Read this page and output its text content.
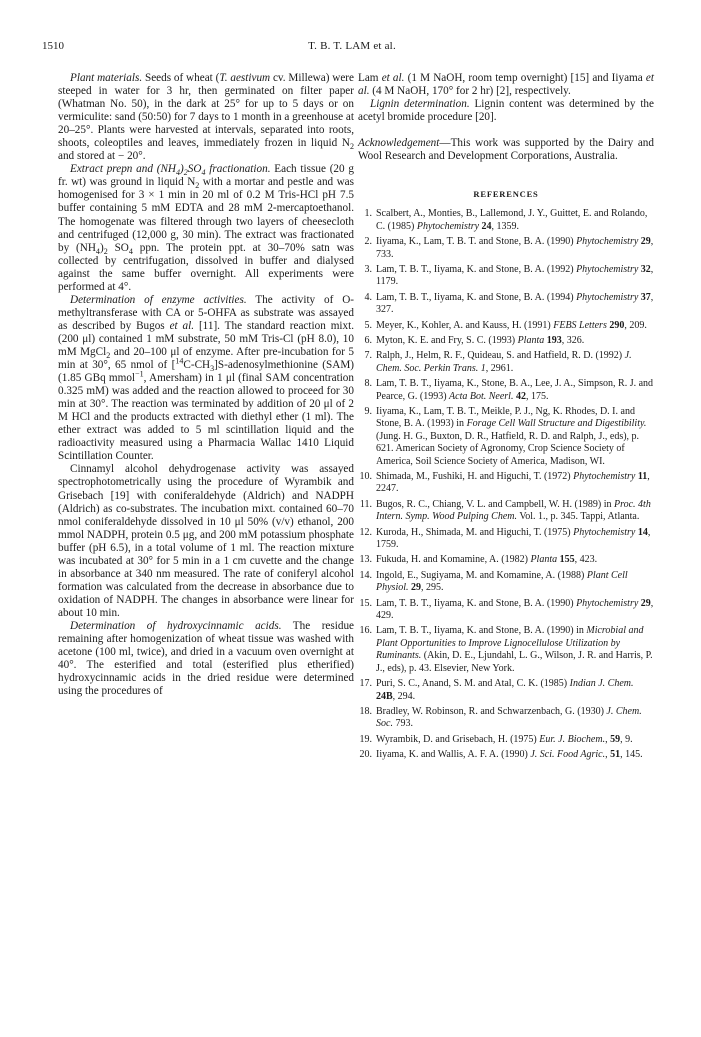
1510	T. B. T. LAM et al.

Plant materials. Seeds of wheat (T. aestivum cv. Millewa) were steeped in water for 3 hr, then germinated on filter paper (Whatman No. 50), in the dark at 25° for up to 5 days or on vermiculite: sand (50:50) for 7 days to 1 month in a greenhouse at 20–25°. Plants were harvested at intervals, separated into roots, shoots, coleoptiles and leaves, immediately frozen in liquid $N_2$ and stored at − 20°.

Extract prepn and $(NH_4)_2SO_4$ fractionation. Each tissue (20 g fr. wt) was ground in liquid $N_2$ with a mortar and pestle and was homogenised for 3 × 1 min in 20 ml of 0.2 M Tris-HCl pH 7.5 buffer containing 5 mM EDTA and 28 mM 2-mercaptoethanol. The homogenate was filtered through two layers of cheesecloth and centrifuged (12,000 g, 30 min). The extract was fractionated by $(NH_4)_2$ $SO_4$ ppn. The protein ppt. at 30–70% satn was collected by centrifugation, dissolved in buffer and dialysed against the same buffer overnight. All experiments were performed at 4°.

Determination of enzyme activities. The activity of O-methyltransferase with CA or 5-OHFA as substrate was assayed as described by Bugos et al. [11]. The standard reaction mixt. (200 μl) contained 1 mM substrate, 50 mM Tris-Cl (pH 8.0), 10 mM MgCl$_2$ and 20–100 μl of enzyme. After pre-incubation for 5 min at 30°, 65 nmol of $[^{14}C-CH_3]S$-adenosylmethionine (SAM) (1.85 GBq mmol$^{-1}$, Amersham) in 1 μl (final SAM concentration 0.325 mM) was added and the reaction allowed to proceed for 30 min at 30°. The reaction was terminated by addition of 20 μl of 2 M HCl and the products extracted with diethyl ether (1 ml). The ether extract was added to 5 ml scintillation liquid and the radioactivity measured using a Pharmacia Wallac 1410 Liquid Scintillation Counter.

Cinnamyl alcohol dehydrogenase activity was assayed spectrophotometrically using the procedure of Wyrambik and Grisebach [19] with coniferaldehyde (Aldrich) and NADPH (Aldrich) as co-substrates. The incubation mixt. contained 60–70 nmol coniferaldehyde dissolved in 10 μl 50% (v/v) ethanol, 200 mmol NADPH, protein 0.5 μg, and 200 mM potassium phosphate buffer (pH 6.5), in a total volume of 1 ml. The reaction mixture was incubated at 30° for 5 min in a 1 cm cuvette and the change in absorbance at 340 nm measured. The rate of coniferyl alcohol formation was calculated from the decrease in absorbance due to oxidation of NADPH. The changes in absorbance were linear for about 10 min.

Determination of hydroxycinnamic acids. The residue remaining after homogenization of wheat tissue was washed with acetone (100 ml, twice), and dried in a vacuum oven overnight at 40°. The esterified and total (esterified plus etherified) hydroxycinnamic acids in the dried residue were determined using the procedures of

Lam et al. (1 M NaOH, room temp overnight) [15] and Iiyama et al. (4 M NaOH, 170° for 2 hr) [2], respectively.

Lignin determination. Lignin content was determined by the acetyl bromide procedure [20].

Acknowledgement—This work was supported by the Dairy and Wool Research and Development Corporations, Australia.

REFERENCES
1. Scalbert, A., Monties, B., Lallemond, J. Y., Guittet, E. and Rolando, C. (1985) Phytochemistry 24, 1359.
2. Iiyama, K., Lam, T. B. T. and Stone, B. A. (1990) Phytochemistry 29, 733.
3. Lam, T. B. T., Iiyama, K. and Stone, B. A. (1992) Phytochemistry 32, 1179.
4. Lam, T. B. T., Iiyama, K. and Stone, B. A. (1994) Phytochemistry 37, 327.
5. Meyer, K., Kohler, A. and Kauss, H. (1991) FEBS Letters 290, 209.
6. Myton, K. E. and Fry, S. C. (1993) Planta 193, 326.
7. Ralph, J., Helm, R. F., Quideau, S. and Hatfield, R. D. (1992) J. Chem. Soc. Perkin Trans. 1, 2961.
8. Lam, T. B. T., Iiyama, K., Stone, B. A., Lee, J. A., Simpson, R. J. and Pearce, G. (1993) Acta Bot. Neerl. 42, 175.
9. Iiyama, K., Lam, T. B. T., Meikle, P. J., Ng, K. Rhodes, D. I. and Stone, B. A. (1993) in Forage Cell Wall Structure and Digestibility. (Jung. H. G., Buxton, D. R., Hatfield, R. D. and Ralph, J., eds), p. 621. American Society of Agronomy, Crop Science Society of America, Soil Science Society of America, Madison, WI.
10. Shimada, M., Fushiki, H. and Higuchi, T. (1972) Phytochemistry 11, 2247.
11. Bugos, R. C., Chiang, V. L. and Campbell, W. H. (1989) in Proc. 4th Intern. Symp. Wood Pulping Chem. Vol. 1., p. 345. Tappi, Atlanta.
12. Kuroda, H., Shimada, M. and Higuchi, T. (1975) Phytochemistry 14, 1759.
13. Fukuda, H. and Komamine, A. (1982) Planta 155, 423.
14. Ingold, E., Sugiyama, M. and Komamine, A. (1988) Plant Cell Physiol. 29, 295.
15. Lam, T. B. T., Iiyama, K. and Stone, B. A. (1990) Phytochemistry 29, 429.
16. Lam, T. B. T., Iiyama, K. and Stone, B. A. (1990) in Microbial and Plant Opportunities to Improve Lignocellulose Utilization by Ruminants. (Akin, D. E., Ljundahl, L. G., Wilson, J. R. and Harris, P. J., eds), p. 43. Elsevier, New York.
17. Puri, S. C., Anand, S. M. and Atal, C. K. (1985) Indian J. Chem. 24B, 294.
18. Bradley, W. Robinson, R. and Schwarzenbach, G. (1930) J. Chem. Soc. 793.
19. Wyrambik, D. and Grisebach, H. (1975) Eur. J. Biochem., 59, 9.
20. Iiyama, K. and Wallis, A. F. A. (1990) J. Sci. Food Agric., 51, 145.
